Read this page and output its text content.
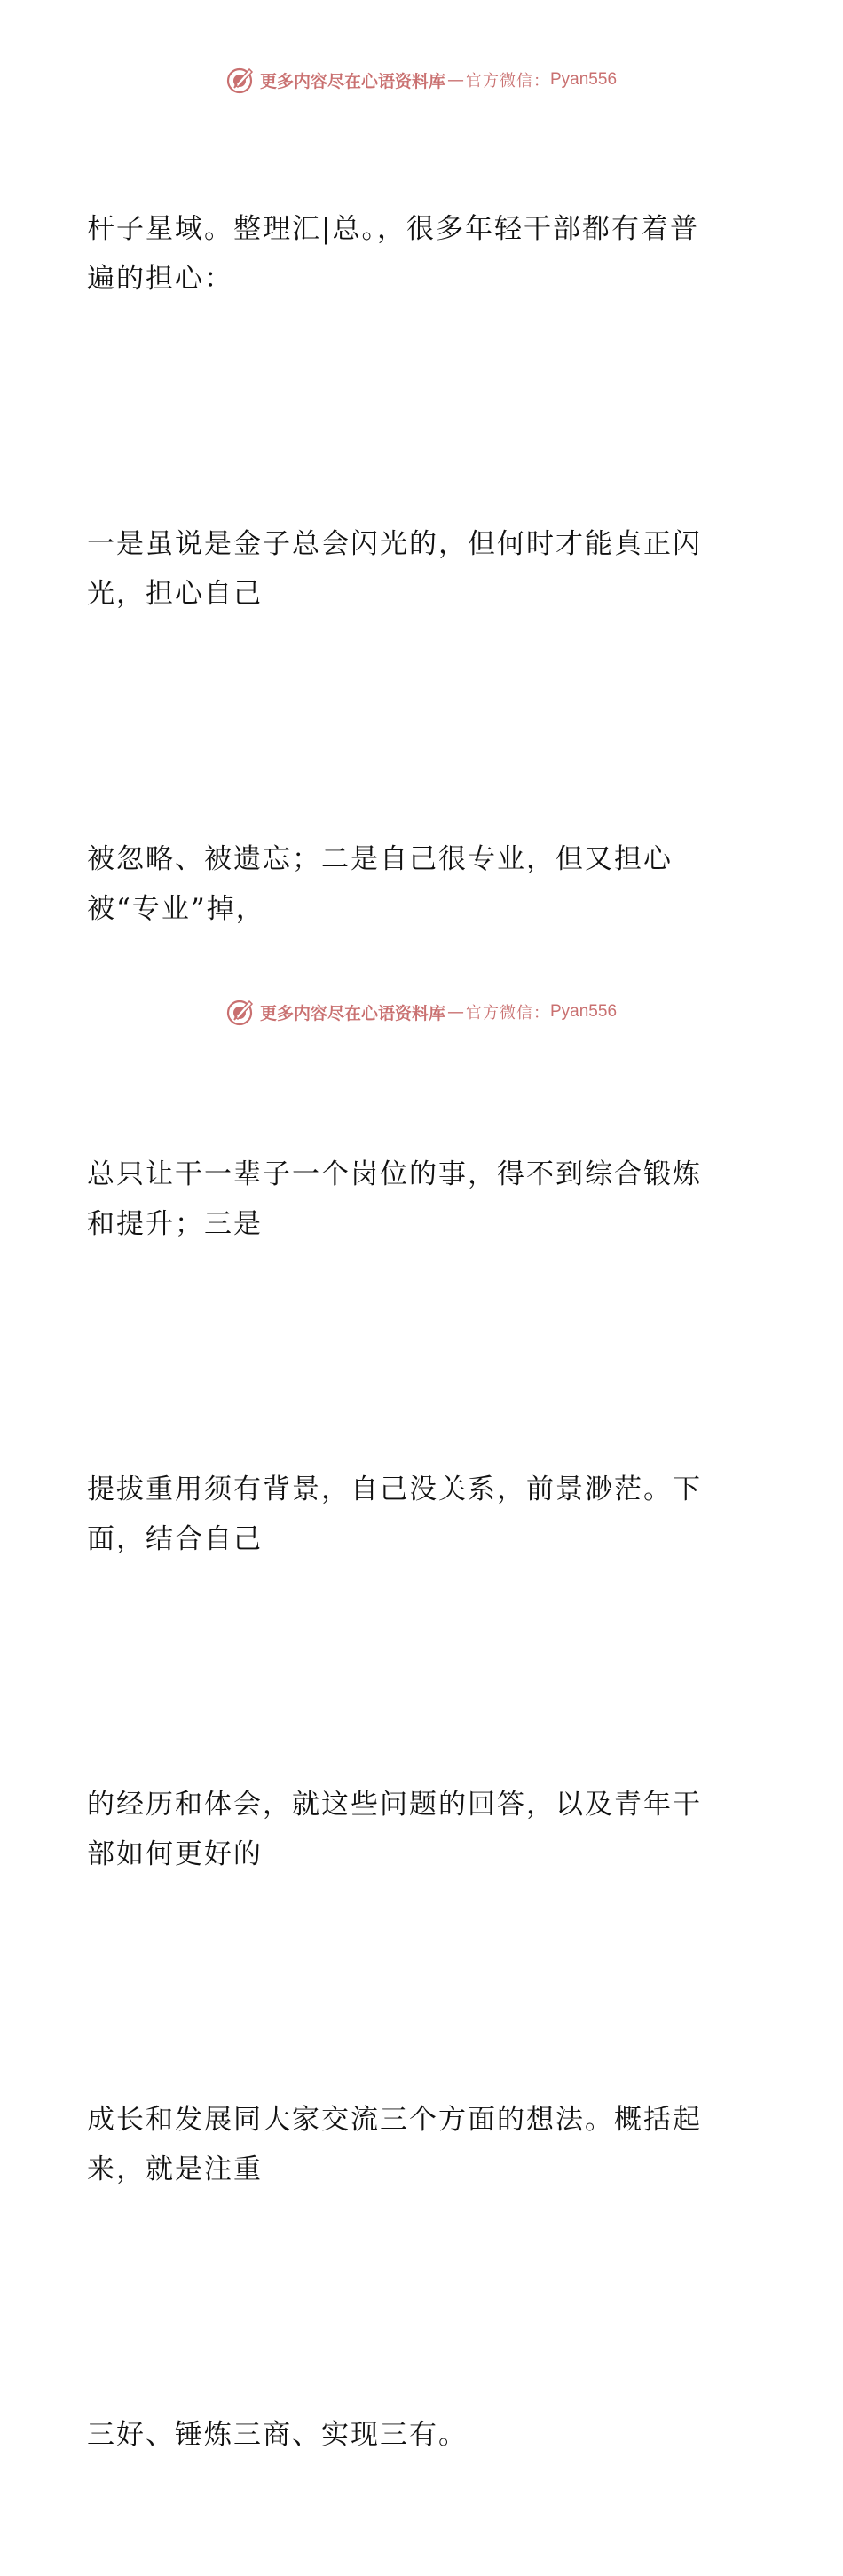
更多内容尽在心语资料库 — 官方微信： Pyan556

杆子星域。整理汇|总。，很多年轻干部都有着普
遍的担心：

一是虽说是金子总会闪光的，但何时才能真正闪
光，担心自己

被忽略、被遗忘；二是自己很专业，但又担心
被“专业”掉，

总只让干一辈子一个岗位的事，得不到综合锻炼
和提升；三是

提拔重用须有背景，自己没关系，前景渺茫。下
面，结合自己

的经历和体会，就这些问题的回答，以及青年干
部如何更好的

成长和发展同大家交流三个方面的想法。概括起
来，就是注重

三好、锤炼三商、实现三有。

更多内容尽在心语资料库 — 官方微信： Pyan556
